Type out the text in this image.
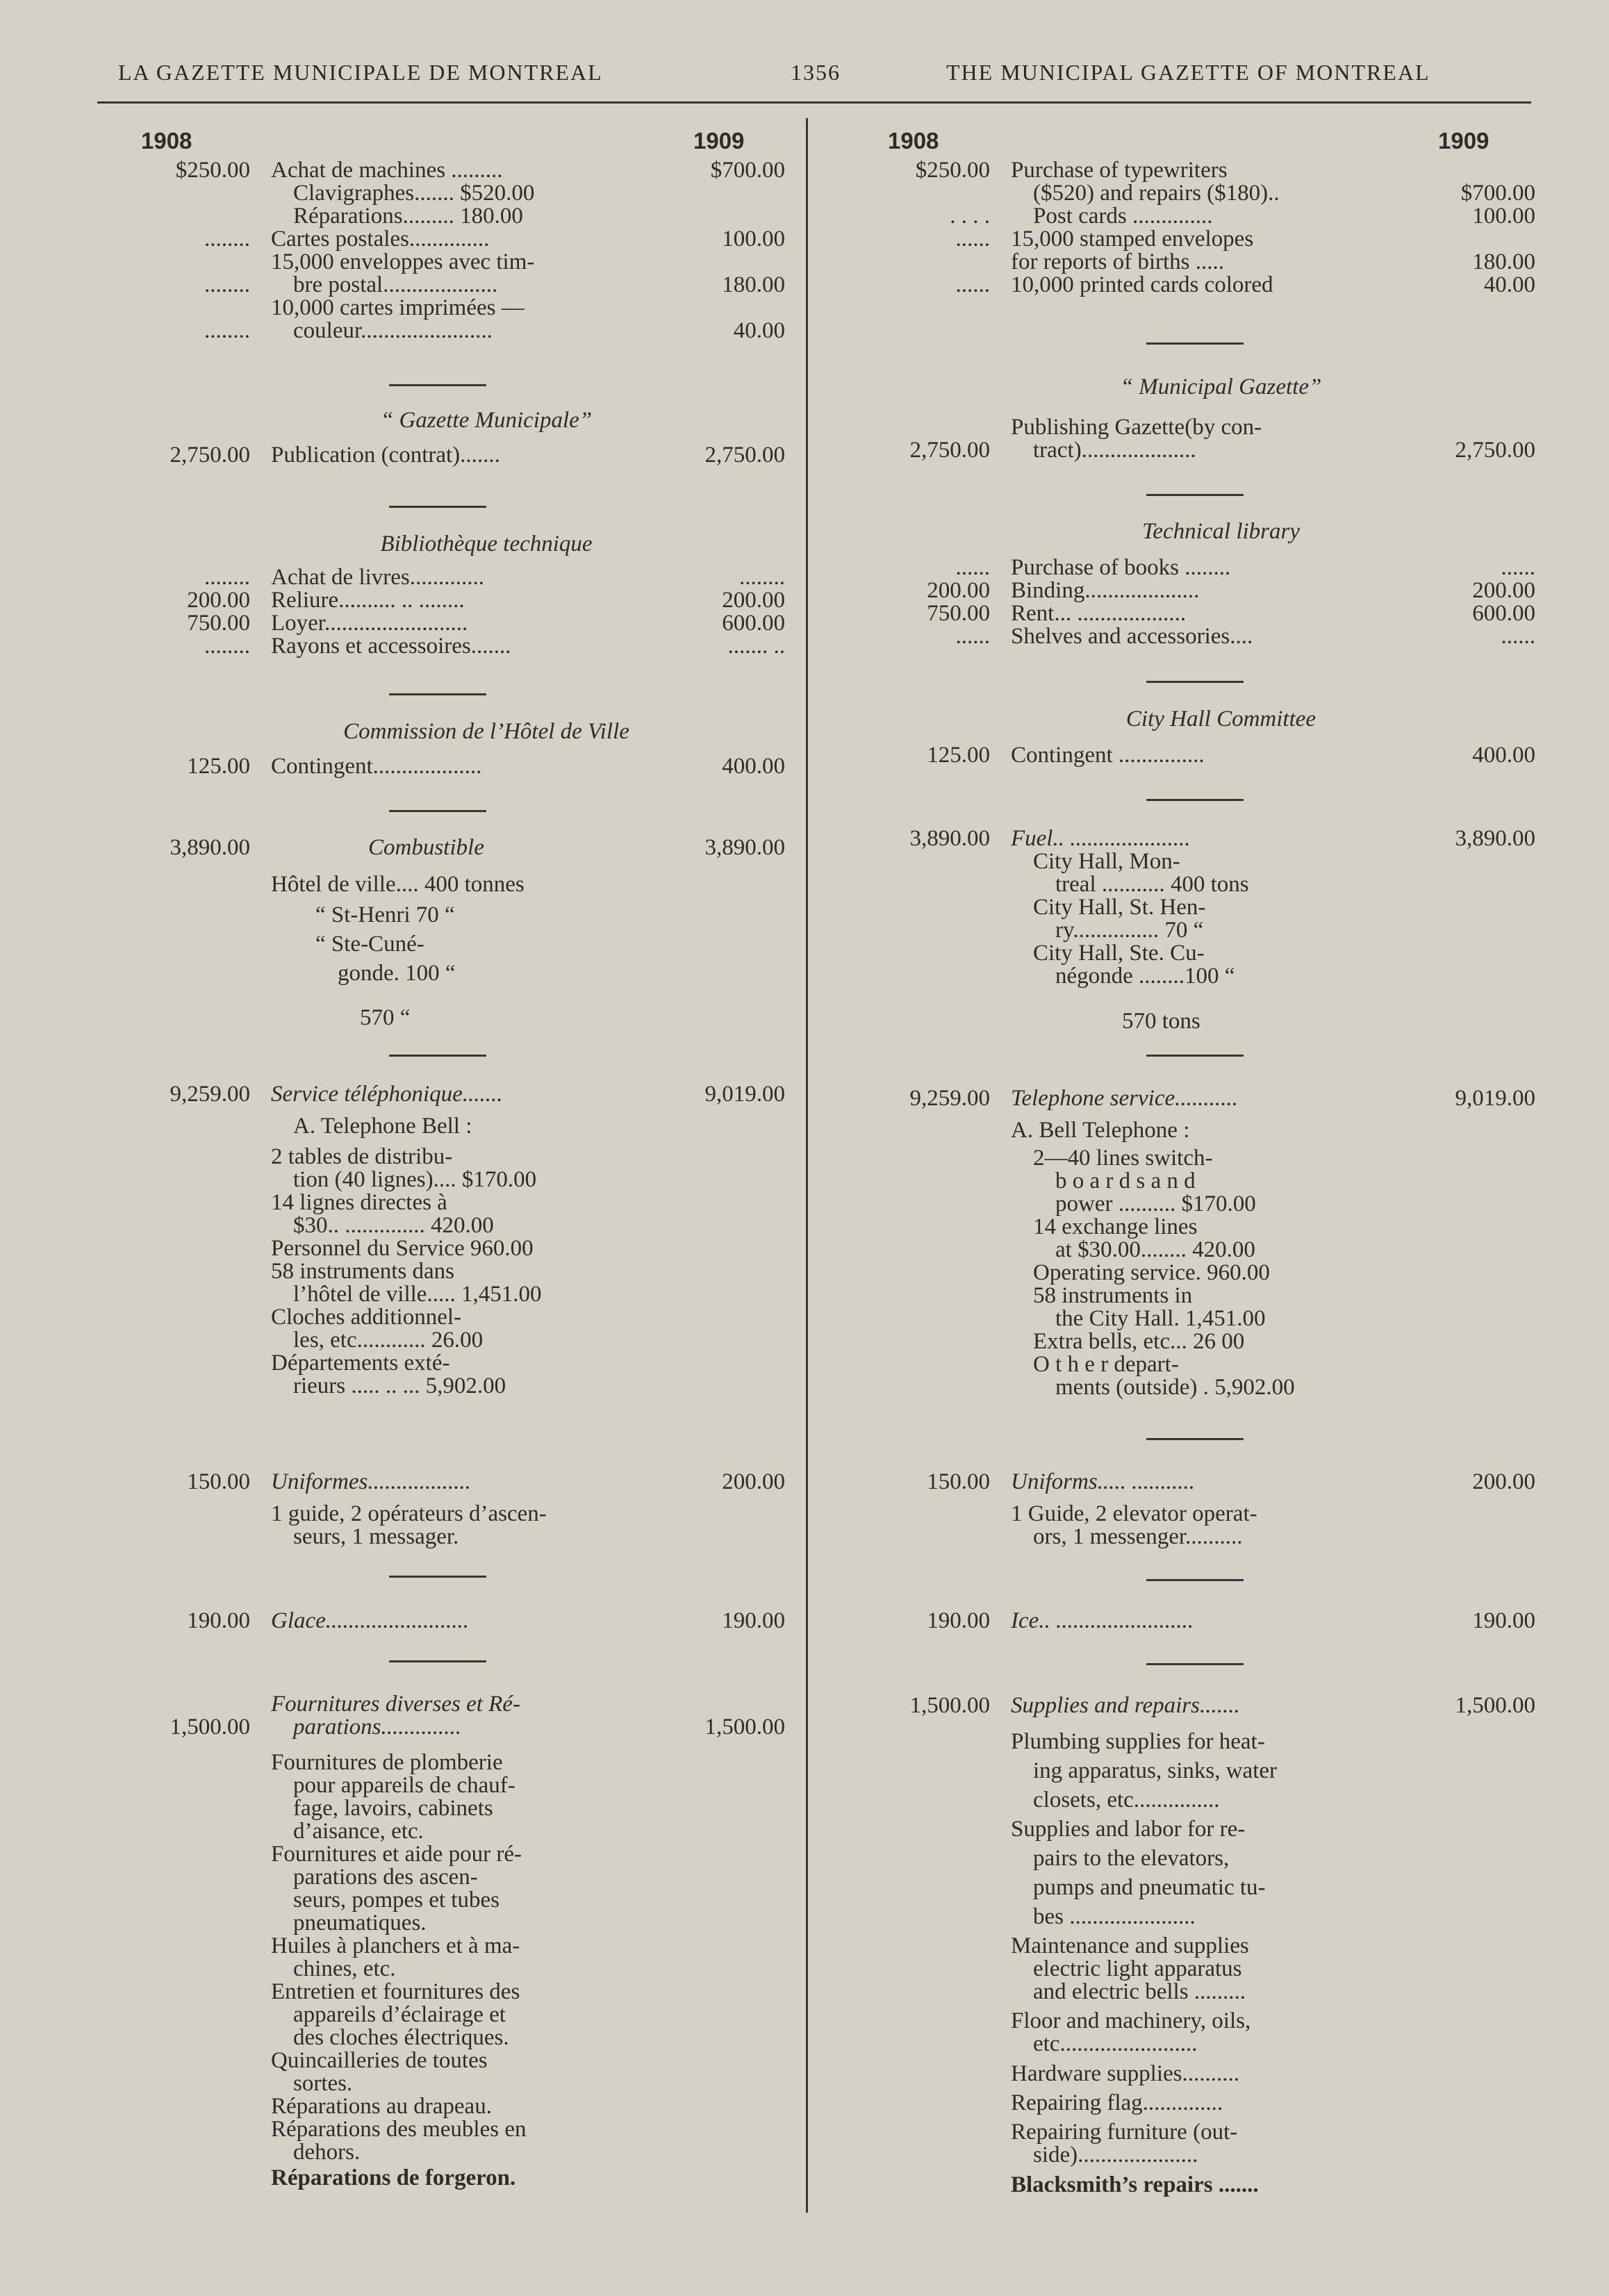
LA GAZETTE MUNICIPALE DE MONTREAL	1356	THE MUNICIPAL GAZETTE OF MONTREAL
1908	1909	1908	1909
$250.00 Achat de machines .........	$700.00
Clavigraphes....... $520.00
Réparations......... 180.00
........ Cartes postales..............	100.00
15,000 enveloppes avec tim-
........ bre postal....................	180.00
10,000 cartes imprimées —
........ couleur.......................	40.00
“ Gazette Municipale”
2,750.00 Publication (contrat).......	2,750.00
Bibliothèque technique
........ Achat de livres.............	........
200.00 Reliure.......... .. ........	200.00
750.00 Loyer.........................	600.00
........ Rayons et accessoires.......	....... ..
Commission de l’Hôtel de Ville
125.00 Contingent...................	400.00
3,890.00	Combustible	3,890.00
Hôtel de ville.... 400 tonnes
“ St-Henri 70 “
“ Ste-Cuné-
gonde. 100 “
570 “
9,259.00 Service téléphonique.......	9,019.00
A. Telephone Bell :
2 tables de distribu-
tion (40 lignes).... $170.00
14 lignes directes à
$30.. .............. 420.00
Personnel du Service 960.00
58 instruments dans
l’hôtel de ville..... 1,451.00
Cloches additionnel-
les, etc............ 26.00
Départements exté-
rieurs ..... .. ... 5,902.00
150.00 Uniformes..................	200.00
1 guide, 2 opérateurs d’ascen-
seurs, 1 messager.
190.00 Glace.........................	190.00
Fournitures diverses et Ré-
1,500.00 parations..............	1,500.00
Fournitures de plomberie
pour appareils de chauf-
fage, lavoirs, cabinets
d’aisance, etc.
Fournitures et aide pour ré-
parations des ascen-
seurs, pompes et tubes
pneumatiques.
Huiles à planchers et à ma-
chines, etc.
Entretien et fournitures des
appareils d’éclairage et
des cloches électriques.
Quincailleries de toutes
sortes.
Réparations au drapeau.
Réparations des meubles en
dehors.
Réparations de forgeron.
$250.00 Purchase of typewriters
($520) and repairs ($180)..	$700.00
. . . . Post cards ..............	100.00
...... 15,000 stamped envelopes
for reports of births .....	180.00
...... 10,000 printed cards colored	40.00
“ Municipal Gazette”
Publishing Gazette(by con-
2,750.00 tract)....................	2,750.00
Technical library
...... Purchase of books ........	......
200.00 Binding....................	200.00
750.00 Rent... ...................	600.00
...... Shelves and accessories....	......
City Hall Committee
125.00 Contingent ...............	400.00
3,890.00 Fuel.. .....................	3,890.00
City Hall, Mon-
treal ........... 400 tons
City Hall, St. Hen-
ry............... 70 “
City Hall, Ste. Cu-
négonde ........100 “
570 tons
9,259.00 Telephone service...........	9,019.00
A. Bell Telephone :
2—40 lines switch-
b o a r d s a n d
power .......... $170.00
14 exchange lines
at $30.00........ 420.00
Operating service. 960.00
58 instruments in
the City Hall. 1,451.00
Extra bells, etc... 26 00
O t h e r depart-
ments (outside) . 5,902.00
150.00 Uniforms..... ...........	200.00
1 Guide, 2 elevator operat-
ors, 1 messenger..........
190.00 Ice.. ........................	190.00
1,500.00 Supplies and repairs.......	1,500.00
Plumbing supplies for heat-
ing apparatus, sinks, water
closets, etc...............
Supplies and labor for re-
pairs to the elevators,
pumps and pneumatic tu-
bes ......................
Maintenance and supplies
electric light apparatus
and electric bells .........
Floor and machinery, oils,
etc........................
Hardware supplies..........
Repairing flag..............
Repairing furniture (out-
side).....................
Blacksmith’s repairs .......
